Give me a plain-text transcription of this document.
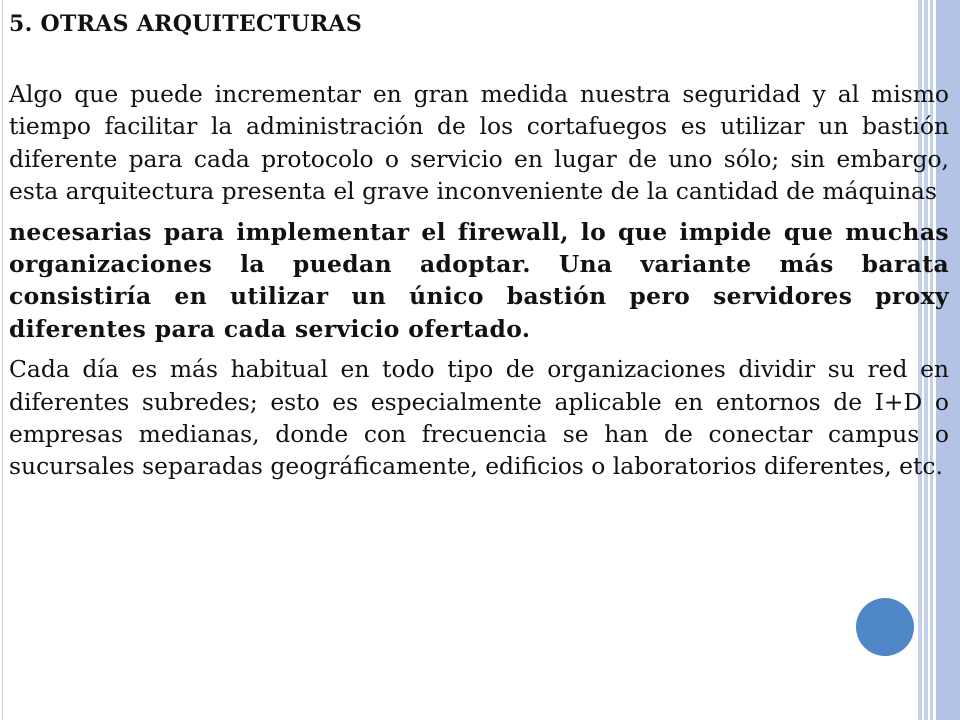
5. OTRAS ARQUITECTURAS

Algo que puede incrementar en gran medida nuestra seguridad y al mismo tiempo facilitar la administración de los cortafuegos es utilizar un bastión diferente para cada protocolo o servicio en lugar de uno sólo; sin embargo, esta arquitectura presenta el grave inconveniente de la cantidad de máquinas

necesarias para implementar el firewall, lo que impide que muchas organizaciones la puedan adoptar. Una variante más barata consistiría en utilizar un único bastión pero servidores proxy diferentes para cada servicio ofertado.

Cada día es más habitual en todo tipo de organizaciones dividir su red en diferentes subredes; esto es especialmente aplicable en entornos de I+D o empresas medianas, donde con frecuencia se han de conectar campus o sucursales separadas geográficamente, edificios o laboratorios diferentes, etc.
